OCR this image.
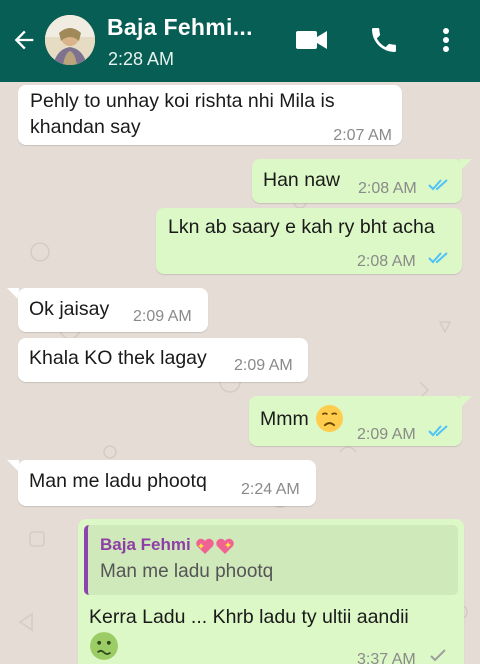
Baja Fehmi...
2:28 AM
Pehly to unhay koi rishta nhi Mila is
khandan say	2:07 AM
Han naw 2:08 AM
Lkn ab saary e kah ry bht acha
2:08 AM
Ok jaisay 2:09 AM
Khala KO thek lagay 2:09 AM
Mmm
2:09 AM
Man me ladu phootq 2:24 AM
Baja Fehmi
Man me ladu phootq
Kerra Ladu ... Khrb ladu ty ultii aandii
3:37 AM
